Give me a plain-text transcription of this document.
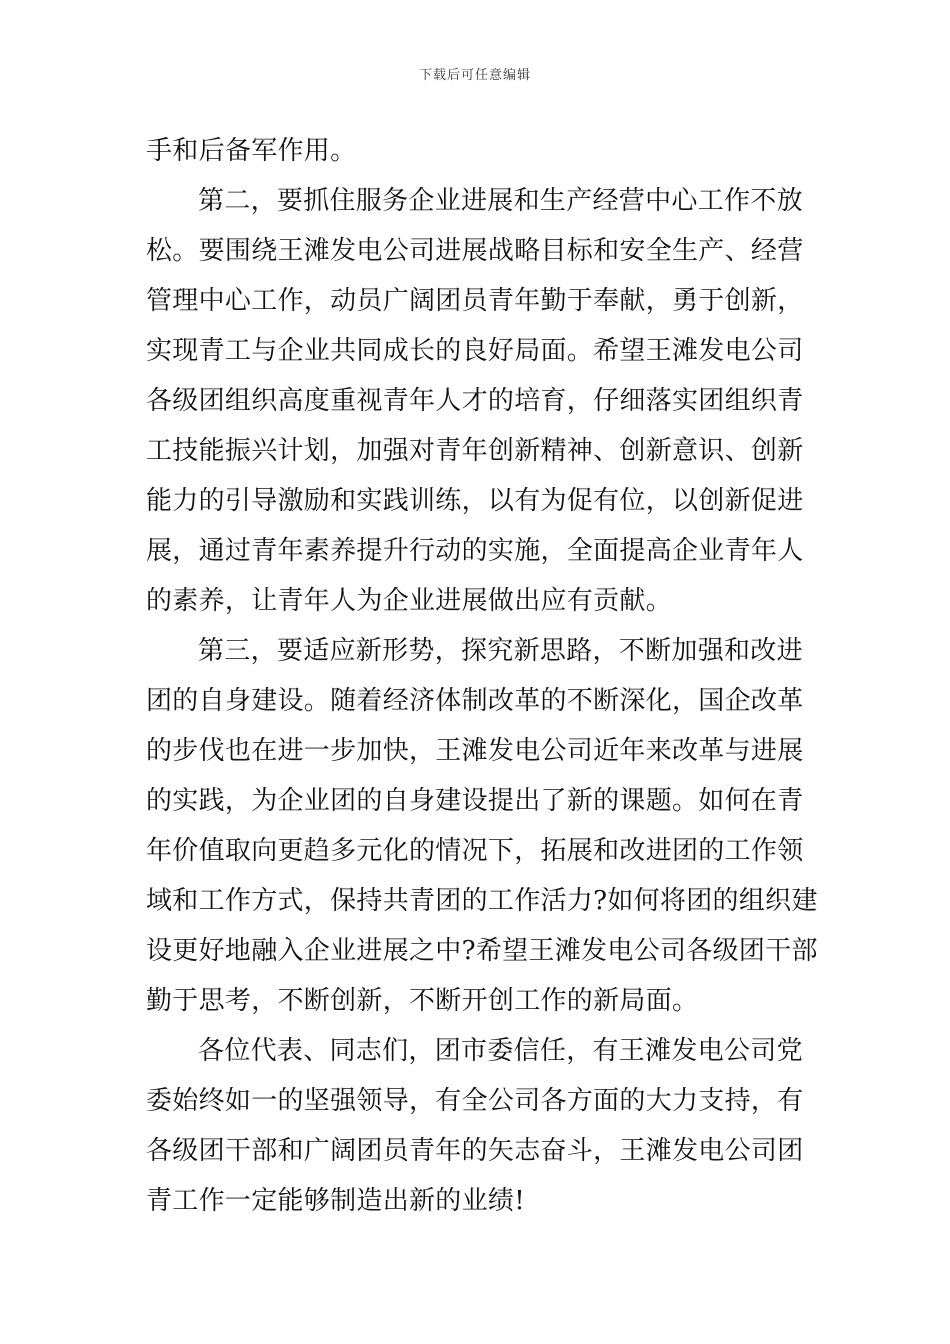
下载后可任意编辑
手和后备军作用。
第二，要抓住服务企业进展和生产经营中心工作不放
松。要围绕王滩发电公司进展战略目标和安全生产、经营
管理中心工作，动员广阔团员青年勤于奉献，勇于创新，
实现青工与企业共同成长的良好局面。希望王滩发电公司
各级团组织高度重视青年人才的培育，仔细落实团组织青
工技能振兴计划，加强对青年创新精神、创新意识、创新
能力的引导激励和实践训练，以有为促有位，以创新促进
展，通过青年素养提升行动的实施，全面提高企业青年人
的素养，让青年人为企业进展做出应有贡献。
第三，要适应新形势，探究新思路，不断加强和改进
团的自身建设。随着经济体制改革的不断深化，国企改革
的步伐也在进一步加快，王滩发电公司近年来改革与进展
的实践，为企业团的自身建设提出了新的课题。如何在青
年价值取向更趋多元化的情况下，拓展和改进团的工作领
域和工作方式，保持共青团的工作活力?如何将团的组织建
设更好地融入企业进展之中?希望王滩发电公司各级团干部
勤于思考，不断创新，不断开创工作的新局面。
各位代表、同志们，团市委信任，有王滩发电公司党
委始终如一的坚强领导，有全公司各方面的大力支持，有
各级团干部和广阔团员青年的矢志奋斗，王滩发电公司团
青工作一定能够制造出新的业绩!
